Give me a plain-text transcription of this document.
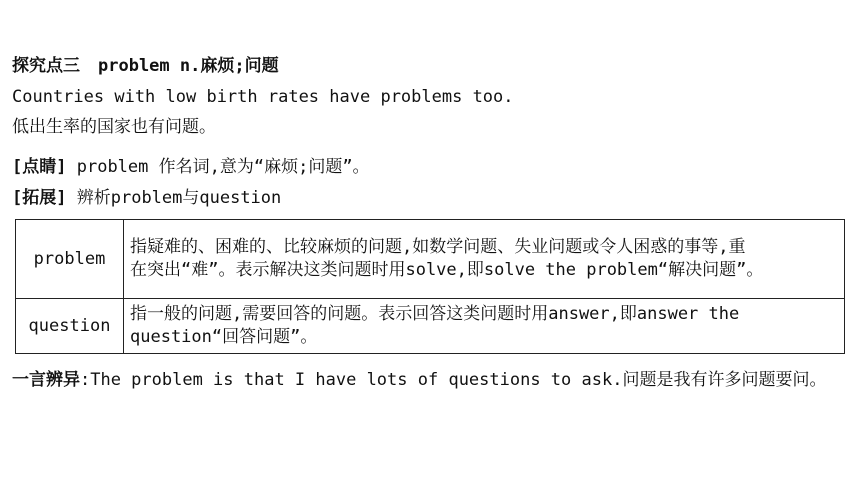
探究点三 problem n.麻烦;问题
Countries with low birth rates have problems too.
低出生率的国家也有问题。
[点睛] problem 作名词,意为“麻烦;问题”。
[拓展] 辨析problem与question
problem	指疑难的、困难的、比较麻烦的问题,如数学问题、失业问题或令人困惑的事等,重
在突出“难”。表示解决这类问题时用solve,即solve the problem“解决问题”。

question	指一般的问题,需要回答的问题。表示回答这类问题时用answer,即answer the
question“回答问题”。
一言辨异:The problem is that I have lots of questions to ask.问题是我有许多问题要问。
